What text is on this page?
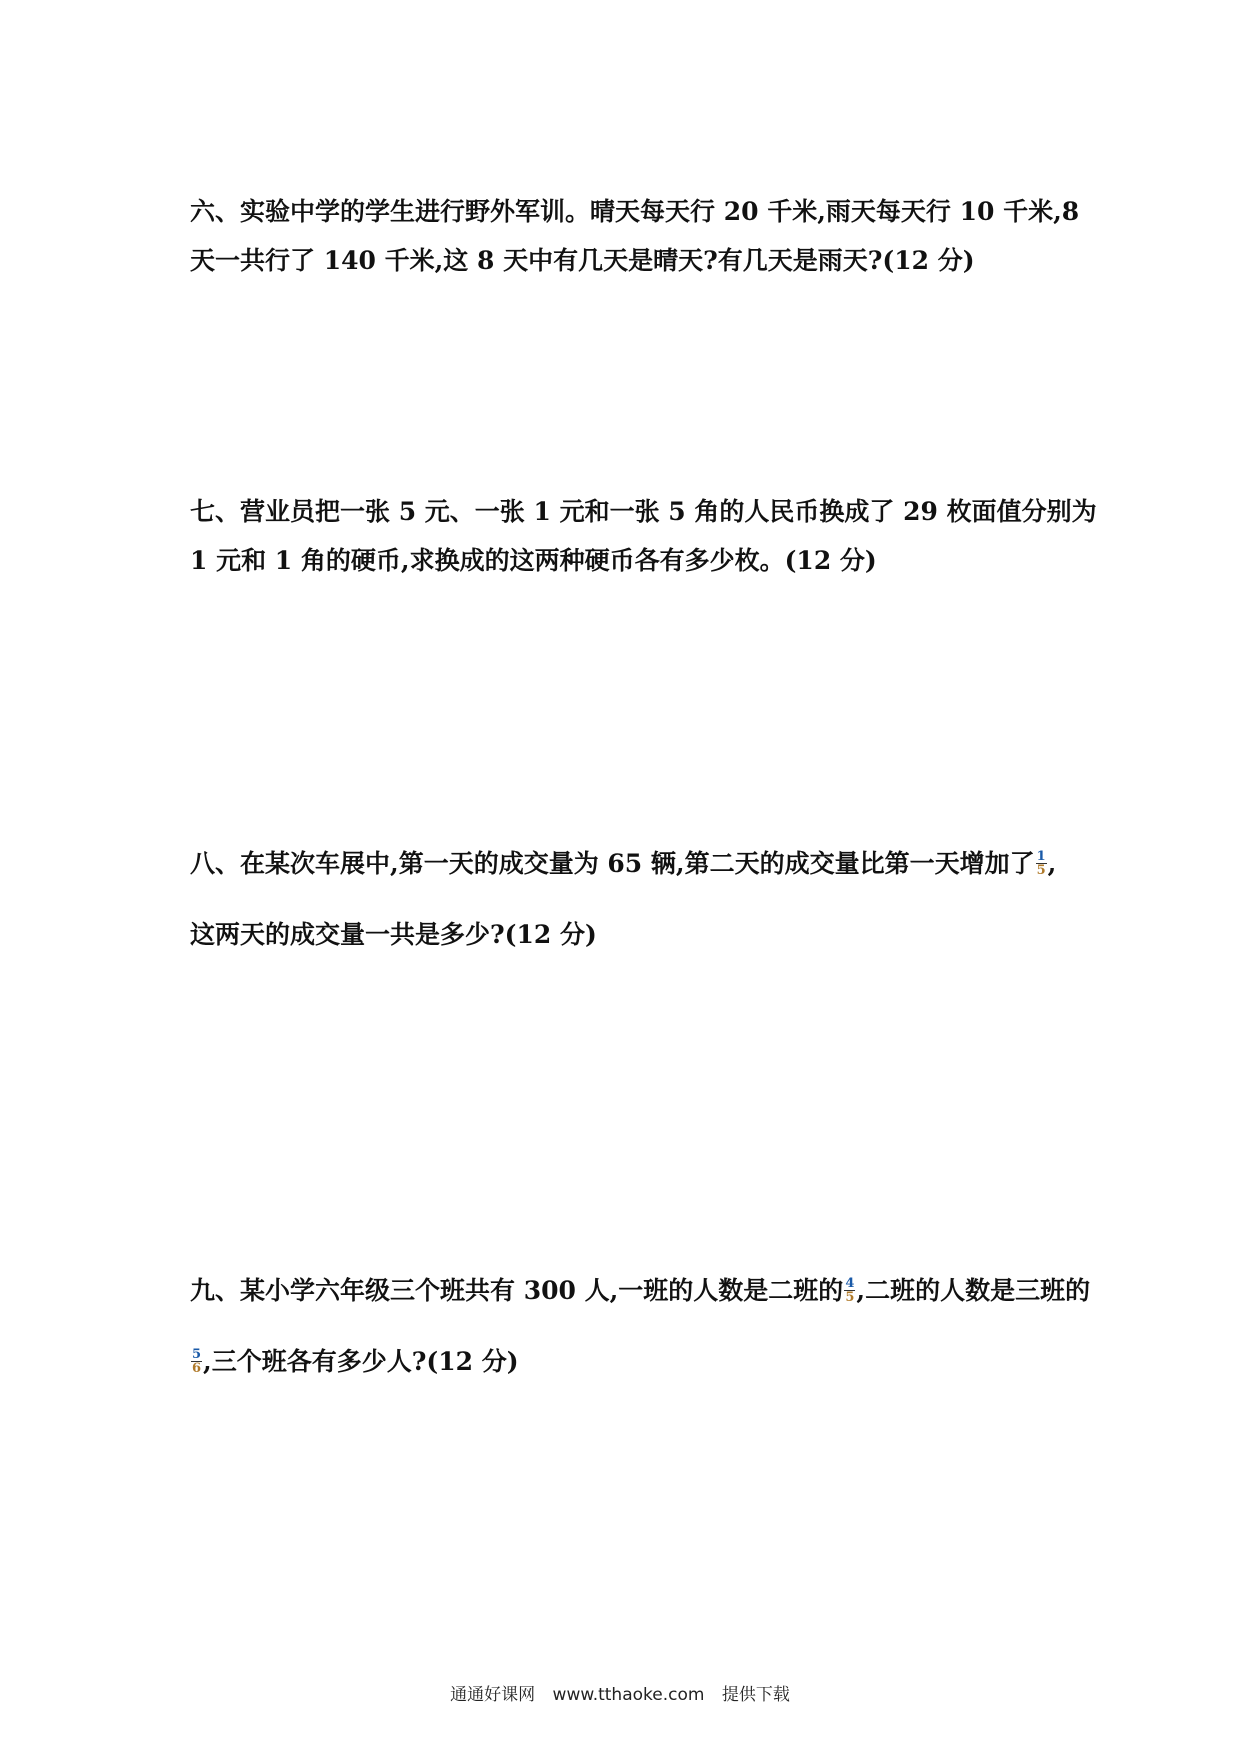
六、实验中学的学生进行野外军训。晴天每天行 20 千米,雨天每天行 10 千米,8
天一共行了 140 千米,这 8 天中有几天是晴天?有几天是雨天?(12 分)
七、营业员把一张 5 元、一张 1 元和一张 5 角的人民币换成了 29 枚面值分别为
1 元和 1 角的硬币,求换成的这两种硬币各有多少枚。(12 分)
八、在某次车展中,第一天的成交量为 65 辆,第二天的成交量比第一天增加了 $\frac{1}{5}$ ,
这两天的成交量一共是多少?(12 分)
九、某小学六年级三个班共有 300 人,一班的人数是二班的 $\frac{4}{5}$ ,二班的人数是三班的
$\frac{5}{6}$ ,三个班各有多少人?(12 分)
通通好课网 www.tthaoke.com 提供下载
